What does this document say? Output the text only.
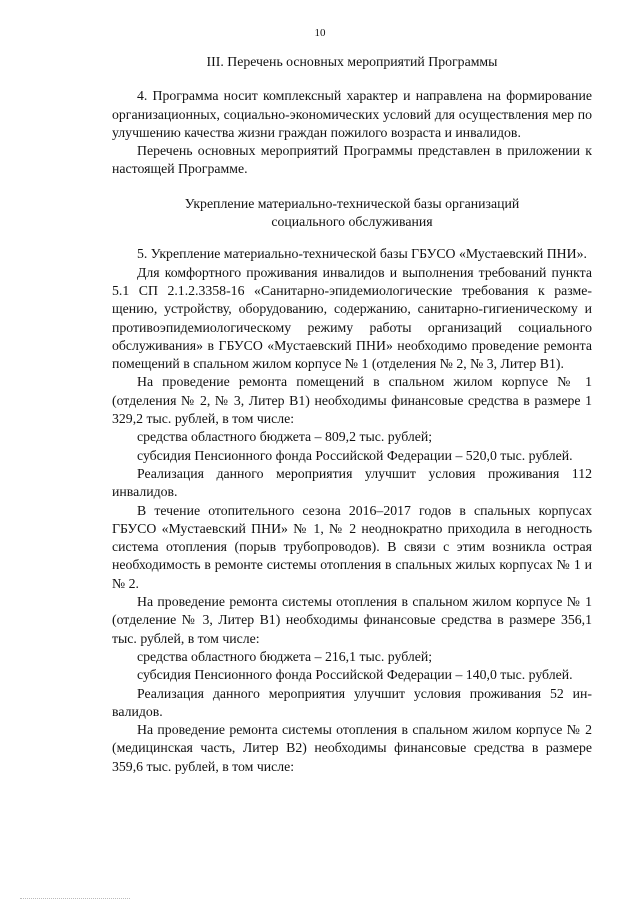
10
III. Перечень основных мероприятий Программы

4. Программа носит комплексный характер и направлена на формирование организационных, социально-экономических условий для осуществления мер по улучшению качества жизни граждан пожилого возраста и инвалидов.

Перечень основных мероприятий Программы представлен в приложении к настоящей Программе.

Укрепление материально-технической базы организаций
социального обслуживания

5. Укрепление материально-технической базы ГБУСО «Мустаевский ПНИ».

Для комфортного проживания инвалидов и выполнения требований пункта 5.1 СП 2.1.2.3358-16 «Санитарно-эпидемиологические требования к разме-щению, устройству, оборудованию, содержанию, санитарно-гигиеническому и противоэпидемиологическому режиму работы организаций социального обслуживания» в ГБУСО «Мустаевский ПНИ» необходимо проведение ремонта помещений в спальном жилом корпусе № 1 (отделения № 2, № 3, Литер В1).

На проведение ремонта помещений в спальном жилом корпусе № 1 (отделения № 2, № 3, Литер В1) необходимы финансовые средства в размере 1 329,2 тыс. рублей, в том числе:

средства областного бюджета – 809,2 тыс. рублей;

субсидия Пенсионного фонда Российской Федерации – 520,0 тыс. рублей.

Реализация данного мероприятия улучшит условия проживания 112 инвалидов.

В течение отопительного сезона 2016–2017 годов в спальных корпусах ГБУСО «Мустаевский ПНИ» № 1, № 2 неоднократно приходила в негодность система отопления (порыв трубопроводов). В связи с этим возникла острая необходимость в ремонте системы отопления в спальных жилых корпусах № 1 и № 2.

На проведение ремонта системы отопления в спальном жилом корпусе № 1 (отделение № 3, Литер В1) необходимы финансовые средства в размере 356,1 тыс. рублей, в том числе:

средства областного бюджета – 216,1 тыс. рублей;

субсидия Пенсионного фонда Российской Федерации – 140,0 тыс. рублей.

Реализация данного мероприятия улучшит условия проживания 52 инвалидов.

На проведение ремонта системы отопления в спальном жилом корпусе № 2 (медицинская часть, Литер В2) необходимы финансовые средства в размере 359,6 тыс. рублей, в том числе:
